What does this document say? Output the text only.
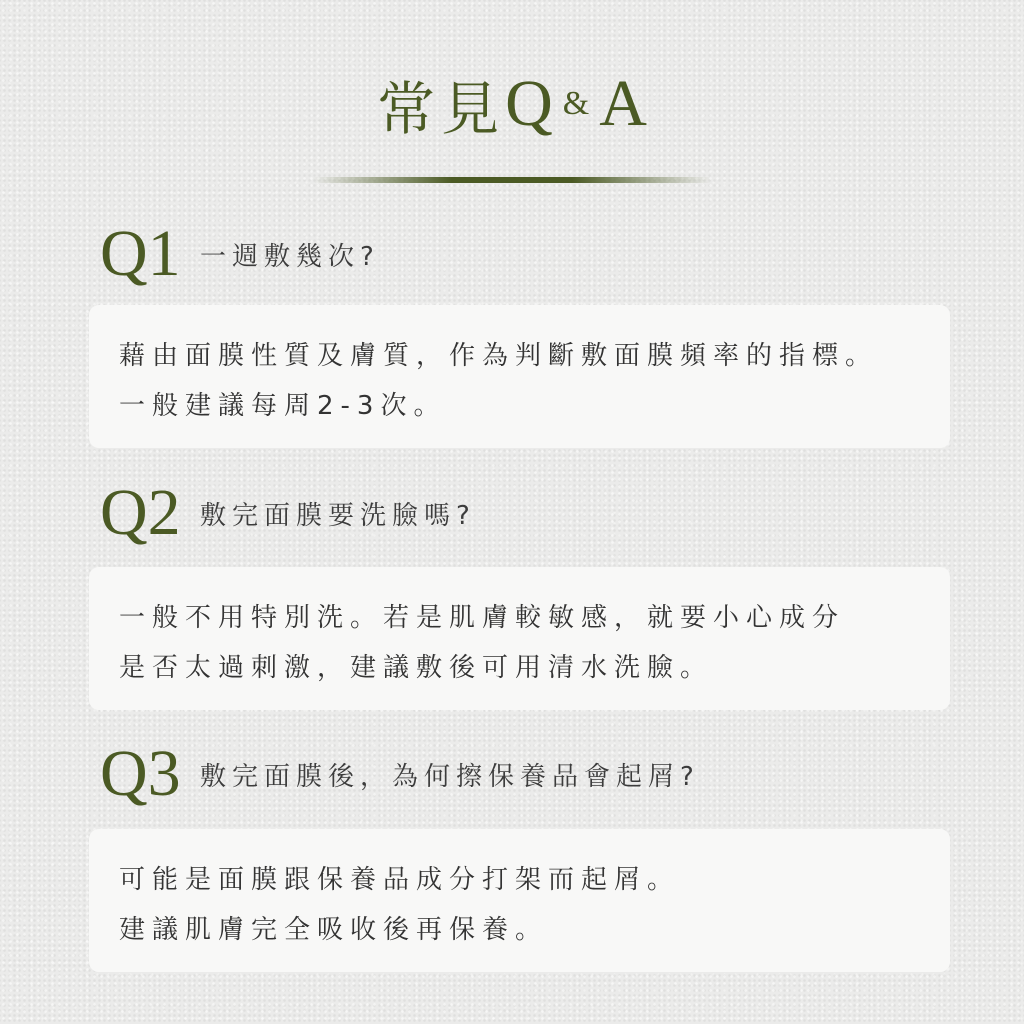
常見Q & A
Q1 一週敷幾次?
藉由面膜性質及膚質，作為判斷敷面膜頻率的指標。
一般建議每周2-3次。
Q2 敷完面膜要洗臉嗎?
一般不用特別洗。若是肌膚較敏感，就要小心成分
是否太過刺激，建議敷後可用清水洗臉。
Q3 敷完面膜後，為何擦保養品會起屑?
可能是面膜跟保養品成分打架而起屑。
建議肌膚完全吸收後再保養。
